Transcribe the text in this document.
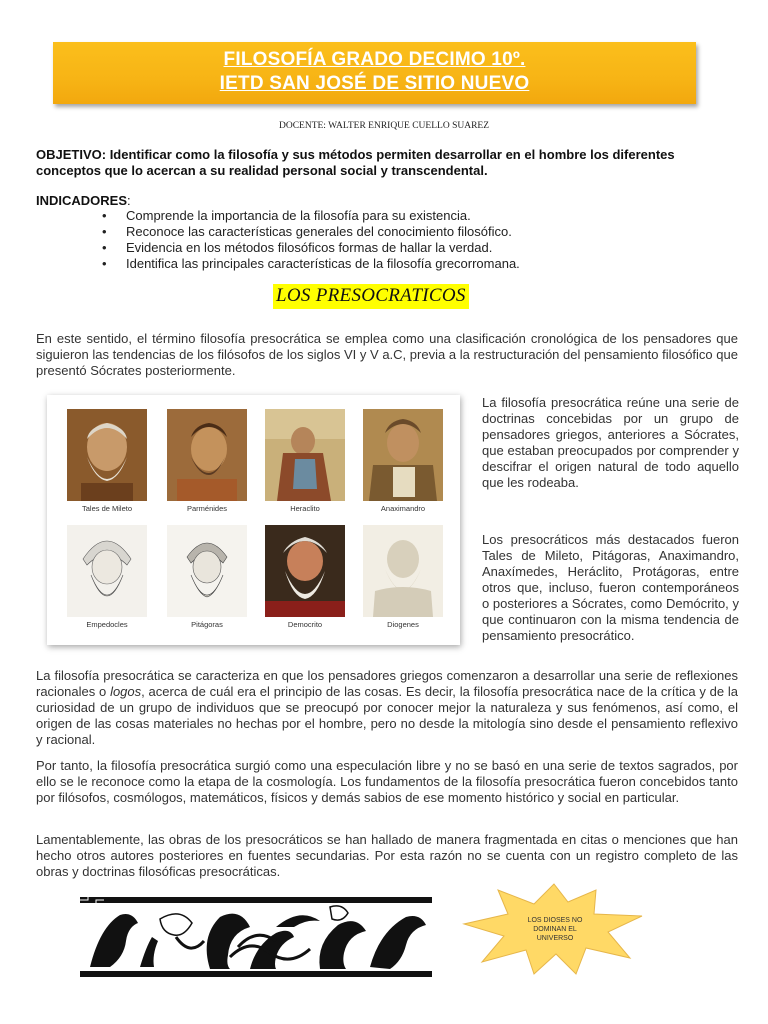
FILOSOFÍA GRADO DECIMO 10º.
IETD SAN JOSÉ DE SITIO NUEVO
DOCENTE: WALTER ENRIQUE CUELLO SUAREZ
OBJETIVO: Identificar como la filosofía y sus métodos permiten desarrollar en el hombre los diferentes conceptos que lo acercan a su realidad personal social y transcendental.
INDICADORES:
• Comprende la importancia de la filosofía para su existencia.
• Reconoce las características generales del conocimiento filosófico.
• Evidencia en los métodos filosóficos formas de hallar la verdad.
• Identifica las principales características de la filosofía grecorromana.
LOS PRESOCRATICOS

En este sentido, el término filosofía presocrática se emplea como una clasificación cronológica de los pensadores que siguieron las tendencias de los filósofos de los siglos VI y V a.C, previa a la restructuración del pensamiento filosófico que presentó Sócrates posteriormente.

Tales de Mileto	Parménides	Heraclito	Anaximandro
Empedocles	Pitágoras	Democrito	Diogenes

La filosofía presocrática reúne una serie de doctrinas concebidas por un grupo de pensadores griegos, anteriores a Sócrates, que estaban preocupados por comprender y descifrar el origen natural de todo aquello que les rodeaba.

Los presocráticos más destacados fueron Tales de Mileto, Pitágoras, Anaximandro, Anaxímedes, Heráclito, Protágoras, entre otros que, incluso, fueron contemporáneos o posteriores a Sócrates, como Demócrito, y que continuaron con la misma tendencia de pensamiento presocrático.

La filosofía presocrática se caracteriza en que los pensadores griegos comenzaron a desarrollar una serie de reflexiones racionales o logos, acerca de cuál era el principio de las cosas. Es decir, la filosofía presocrática nace de la crítica y de la curiosidad de un grupo de individuos que se preocupó por conocer mejor la naturaleza y sus fenómenos, así como, el origen de las cosas materiales no hechas por el hombre, pero no desde la mitología sino desde el pensamiento reflexivo y racional.

Por tanto, la filosofía presocrática surgió como una especulación libre y no se basó en una serie de textos sagrados, por ello se le reconoce como la etapa de la cosmología. Los fundamentos de la filosofía presocrática fueron concebidos tanto por filósofos, cosmólogos, matemáticos, físicos y demás sabios de ese momento histórico y social en particular.

Lamentablemente, las obras de los presocráticos se han hallado de manera fragmentada en citas o menciones que han hecho otros autores posteriores en fuentes secundarias. Por esta razón no se cuenta con un registro completo de las obras y doctrinas filosóficas presocráticas.

LOS DIOSES NO DOMINAN EL UNIVERSO
